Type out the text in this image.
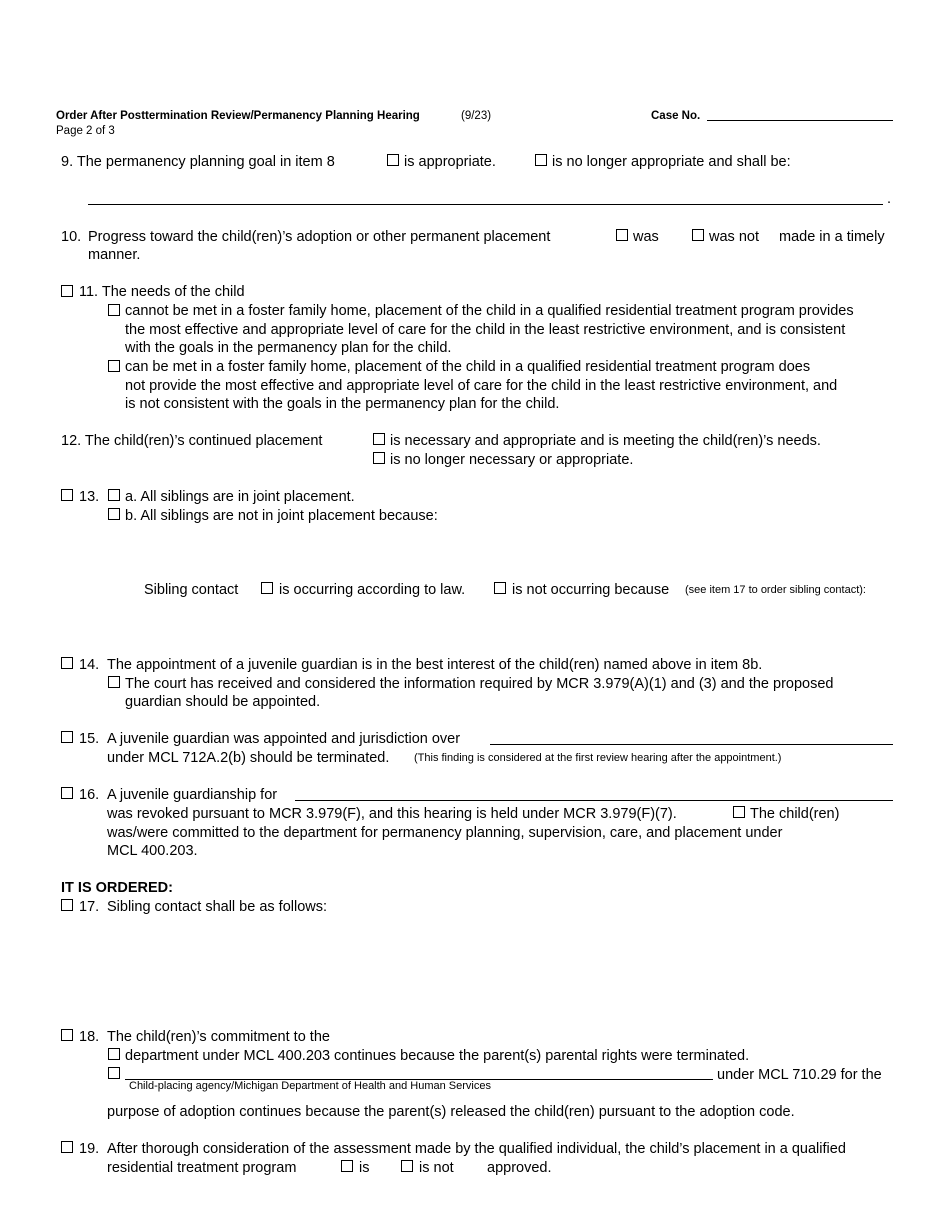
Order After Posttermination Review/Permanency Planning Hearing	(9/23)	Case No.
Page 2 of 3
9. The permanency planning goal in item 8	is appropriate.	is no longer appropriate and shall be:
.
10. Progress toward the child(ren)’s adoption or other permanent placement	was	was not made in a timely
manner.
11. The needs of the child
cannot be met in a foster family home, placement of the child in a qualified residential treatment program provides
the most effective and appropriate level of care for the child in the least restrictive environment, and is consistent
with the goals in the permanency plan for the child.
can be met in a foster family home, placement of the child in a qualified residential treatment program does
not provide the most effective and appropriate level of care for the child in the least restrictive environment, and
is not consistent with the goals in the permanency plan for the child.
12. The child(ren)’s continued placement	is necessary and appropriate and is meeting the child(ren)’s needs.
is no longer necessary or appropriate.
13. a. All siblings are in joint placement.
b. All siblings are not in joint placement because:
Sibling contact	is occurring according to law.	is not occurring because (see item 17 to order sibling contact):
14. The appointment of a juvenile guardian is in the best interest of the child(ren) named above in item 8b.
The court has received and considered the information required by MCR 3.979(A)(1) and (3) and the proposed
guardian should be appointed.
15. A juvenile guardian was appointed and jurisdiction over
under MCL 712A.2(b) should be terminated. (This finding is considered at the first review hearing after the appointment.)
16. A juvenile guardianship for
was revoked pursuant to MCR 3.979(F), and this hearing is held under MCR 3.979(F)(7).	The child(ren)
was/were committed to the department for permanency planning, supervision, care, and placement under
MCL 400.203.
IT IS ORDERED:
17. Sibling contact shall be as follows:
18. The child(ren)’s commitment to the
department under MCL 400.203 continues because the parent(s) parental rights were terminated.
under MCL 710.29 for the
Child-placing agency/Michigan Department of Health and Human Services
purpose of adoption continues because the parent(s) released the child(ren) pursuant to the adoption code.
19. After thorough consideration of the assessment made by the qualified individual, the child’s placement in a qualified
residential treatment program	is	is not approved.
